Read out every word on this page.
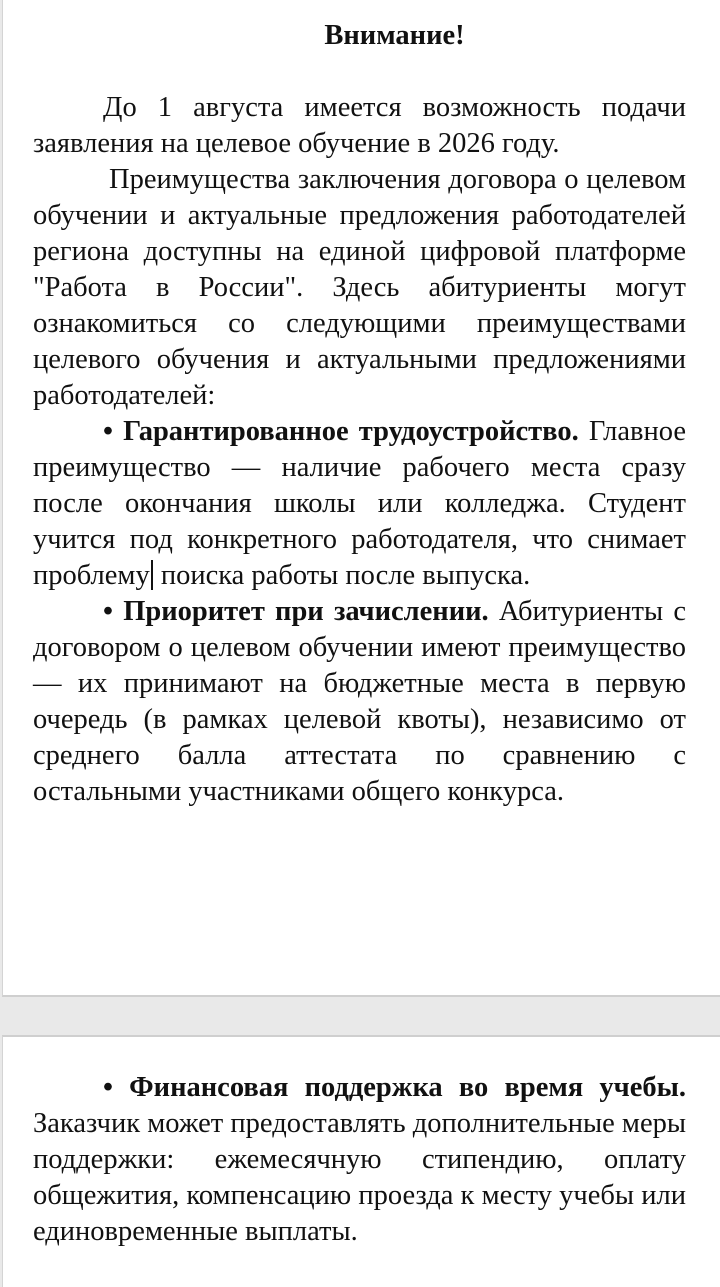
Внимание!

До 1 августа имеется возможность подачи заявления на целевое обучение в 2026 году.

Преимущества заключения договора о целевом обучении и актуальные предложения работодателей региона доступны на единой цифровой платформе "Работа в России". Здесь абитуриенты могут ознакомиться со следующими преимуществами целевого обучения и актуальными предложениями работодателей:

• Гарантированное трудоустройство. Главное преимущество — наличие рабочего места сразу после окончания школы или колледжа. Студент учится под конкретного работодателя, что снимает проблему поиска работы после выпуска.

• Приоритет при зачислении. Абитуриенты с договором о целевом обучении имеют преимущество — их принимают на бюджетные места в первую очередь (в рамках целевой квоты), независимо от среднего балла аттестата по сравнению с остальными участниками общего конкурса.

• Финансовая поддержка во время учебы. Заказчик может предоставлять дополнительные меры поддержки: ежемесячную стипендию, оплату общежития, компенсацию проезда к месту учебы или единовременные выплаты.
